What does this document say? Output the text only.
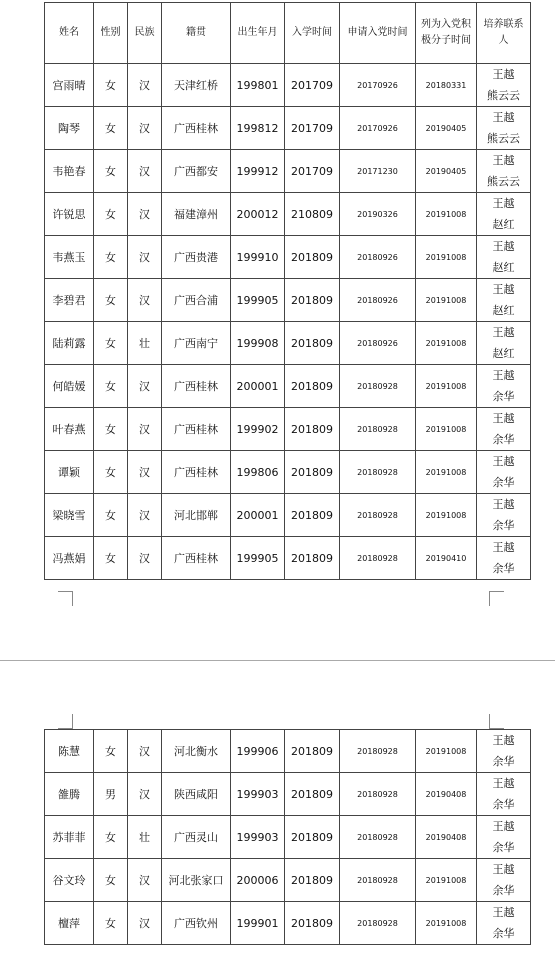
姓名	性别	民族	籍贯	出生年月	入学时间	申请入党时间	列为入党积极分子时间	培养联系人
宫雨晴	女	汉	天津红桥	199801	201709	20170926	20180331	王越
熊云云

陶琴	女	汉	广西桂林	199812	201709	20170926	20190405	王越
熊云云

韦艳春	女	汉	广西都安	199912	201709	20171230	20190405	王越
熊云云

许锐思	女	汉	福建漳州	200012	210809	20190326	20191008	王越
赵红

韦燕玉	女	汉	广西贵港	199910	201809	20180926	20191008	王越
赵红

李碧君	女	汉	广西合浦	199905	201809	20180926	20191008	王越
赵红

陆莉露	女	壮	广西南宁	199908	201809	20180926	20191008	王越
赵红

何皓媛	女	汉	广西桂林	200001	201809	20180928	20191008	王越
余华

叶春燕	女	汉	广西桂林	199902	201809	20180928	20191008	王越
余华

谭颖	女	汉	广西桂林	199806	201809	20180928	20191008	王越
余华

梁晓雪	女	汉	河北邯郸	200001	201809	20180928	20191008	王越
余华

冯燕娟	女	汉	广西桂林	199905	201809	20180928	20190410	王越
余华
陈慧	女	汉	河北衡水	199906	201809	20180928	20191008	王越
余华

雒腾	男	汉	陕西咸阳	199903	201809	20180928	20190408	王越
余华

苏菲菲	女	壮	广西灵山	199903	201809	20180928	20190408	王越
余华

谷文玲	女	汉	河北张家口	200006	201809	20180928	20191008	王越
余华

檀萍	女	汉	广西钦州	199901	201809	20180928	20191008	王越
余华
